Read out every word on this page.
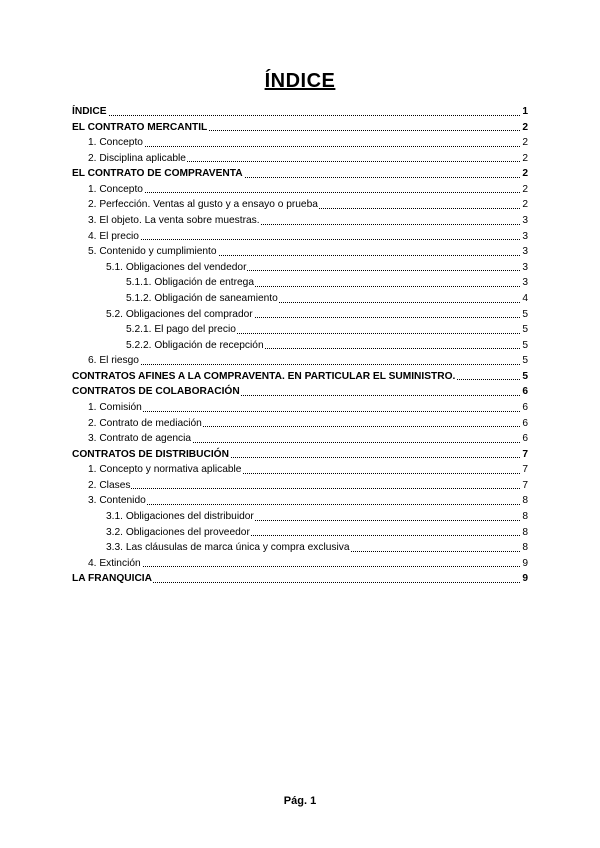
ÍNDICE
ÍNDICE	1
EL CONTRATO MERCANTIL	2
1. Concepto	2
2. Disciplina aplicable	2
EL CONTRATO DE COMPRAVENTA	2
1. Concepto	2
2. Perfección. Ventas al gusto y a ensayo o prueba	2
3. El objeto. La venta sobre muestras.	3
4. El precio	3
5. Contenido y cumplimiento	3
5.1. Obligaciones del vendedor	3
5.1.1. Obligación de entrega	3
5.1.2. Obligación de saneamiento	4
5.2. Obligaciones del comprador	5
5.2.1. El pago del precio	5
5.2.2. Obligación de recepción	5
6. El riesgo	5
CONTRATOS AFINES A LA COMPRAVENTA. EN PARTICULAR EL SUMINISTRO.	5
CONTRATOS DE COLABORACIÓN	6
1. Comisión	6
2. Contrato de mediación	6
3. Contrato de agencia	6
CONTRATOS DE DISTRIBUCIÓN	7
1. Concepto y normativa aplicable	7
2. Clases	7
3. Contenido	8
3.1. Obligaciones del distribuidor	8
3.2. Obligaciones del proveedor	8
3.3. Las cláusulas de marca única y compra exclusiva	8
4. Extinción	9
LA FRANQUICIA	9
Pág. 1
